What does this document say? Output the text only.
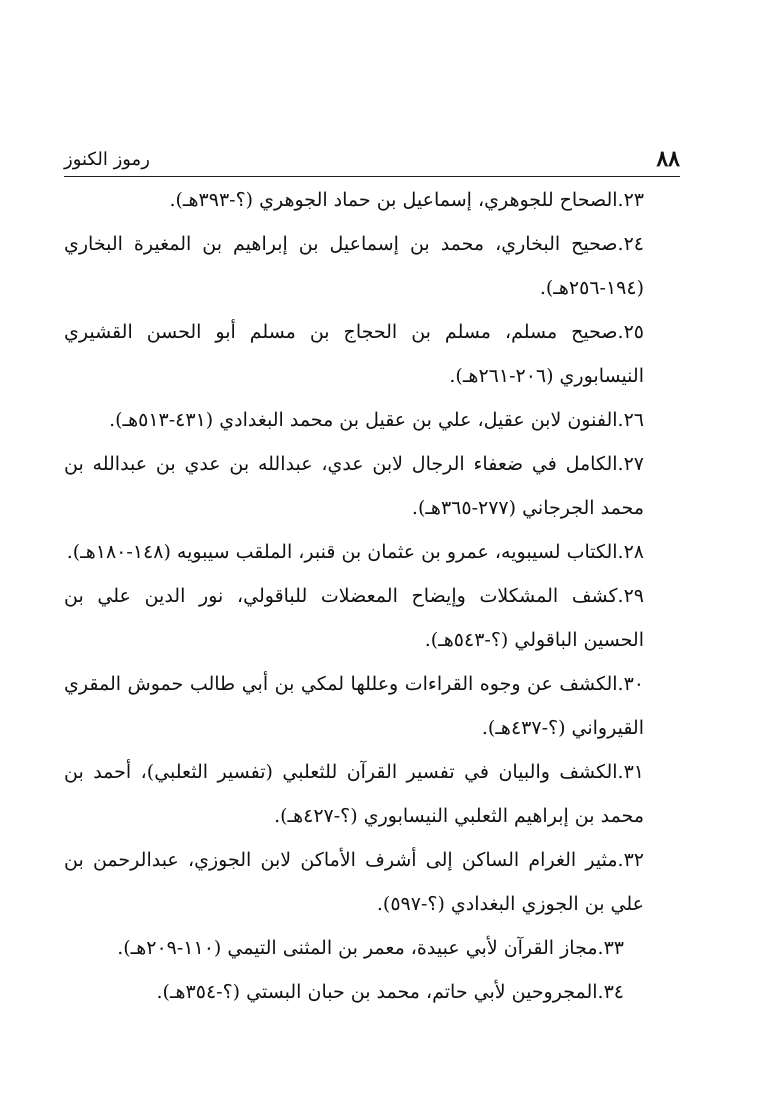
٨٨
رموز الكنوز
٢٣.الصحاح للجوهري، إسماعيل بن حماد الجوهري (؟-٣٩٣هـ).
٢٤.صحيح البخاري، محمد بن إسماعيل بن إبراهيم بن المغيرة البخاري (١٩٤-٢٥٦هـ).
٢٥.صحيح مسلم، مسلم بن الحجاج بن مسلم أبو الحسن القشيري النيسابوري (٢٠٦-٢٦١هـ).
٢٦.الفنون لابن عقيل، علي بن عقيل بن محمد البغدادي (٤٣١-٥١٣هـ).
٢٧.الكامل في ضعفاء الرجال لابن عدي، عبدالله بن عدي بن عبدالله بن محمد الجرجاني (٢٧٧-٣٦٥هـ).
٢٨.الكتاب لسيبويه، عمرو بن عثمان بن قنبر، الملقب سيبويه (١٤٨-١٨٠هـ).
٢٩.كشف المشكلات وإيضاح المعضلات للباقولي، نور الدين علي بن الحسين الباقولي (؟-٥٤٣هـ).
٣٠.الكشف عن وجوه القراءات وعللها لمكي بن أبي طالب حموش المقري القيرواني (؟-٤٣٧هـ).
٣١.الكشف والبيان في تفسير القرآن للثعلبي (تفسير الثعلبي)، أحمد بن محمد بن إبراهيم الثعلبي النيسابوري (؟-٤٢٧هـ).
٣٢.مثير الغرام الساكن إلى أشرف الأماكن لابن الجوزي، عبدالرحمن بن علي بن الجوزي البغدادي (؟-٥٩٧).
٣٣.مجاز القرآن لأبي عبيدة، معمر بن المثنى التيمي (١١٠-٢٠٩هـ).
٣٤.المجروحين لأبي حاتم، محمد بن حبان البستي (؟-٣٥٤هـ).
